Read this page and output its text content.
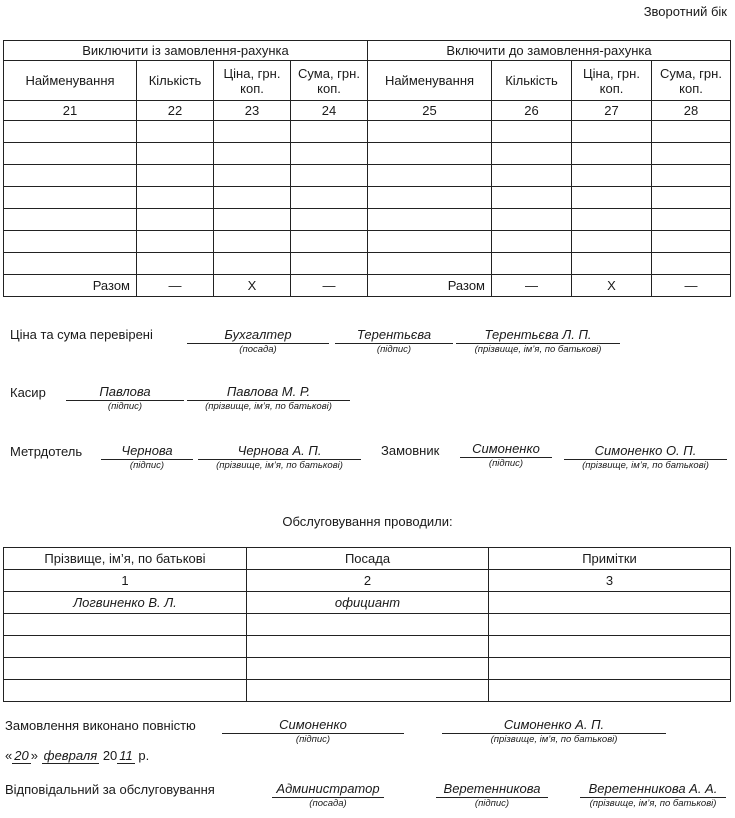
Зворотний бік
Виключити із замовлення-рахунка				Включити до замовлення-рахунка			
Найменування	Кількість	Ціна, грн. коп.	Сума, грн. коп.	Найменування	Кількість	Ціна, грн. коп.	Сума, грн. коп.
21	22	23	24	25	26	27	28

Разом	—	Х	—	Разом	—	Х	—
Ціна та сума перевірені	Бухгалтер
(посада)
Терентьєва
(підпис)
Терентьєва Л. П.
(прізвище, ім’я, по батькові)
Касир	Павлова
(підпис)
Павлова М. Р.
(прізвище, ім’я, по батькові)
Метрдотель	Чернова
(підпис)
Чернова А. П.
(прізвище, ім’я, по батькові)
Замовник	Симоненко
(підпис)
Симоненко О. П.
(прізвище, ім’я, по батькові)
Обслуговування проводили:
Прізвище, ім’я, по батькові	Посада	Примітки
1	2	3
Логвиненко В. Л.	официант	

Замовлення виконано повністю	Симоненко
(підпис)
Симоненко А. П.
(прізвище, ім’я, по батькові)
« 20 » февраля 20 11 р.
Відповідальний за обслуговування	Администратор
(посада)
Веретенникова
(підпис)
Веретенникова А. А.
(прізвище, ім’я, по батькові)
